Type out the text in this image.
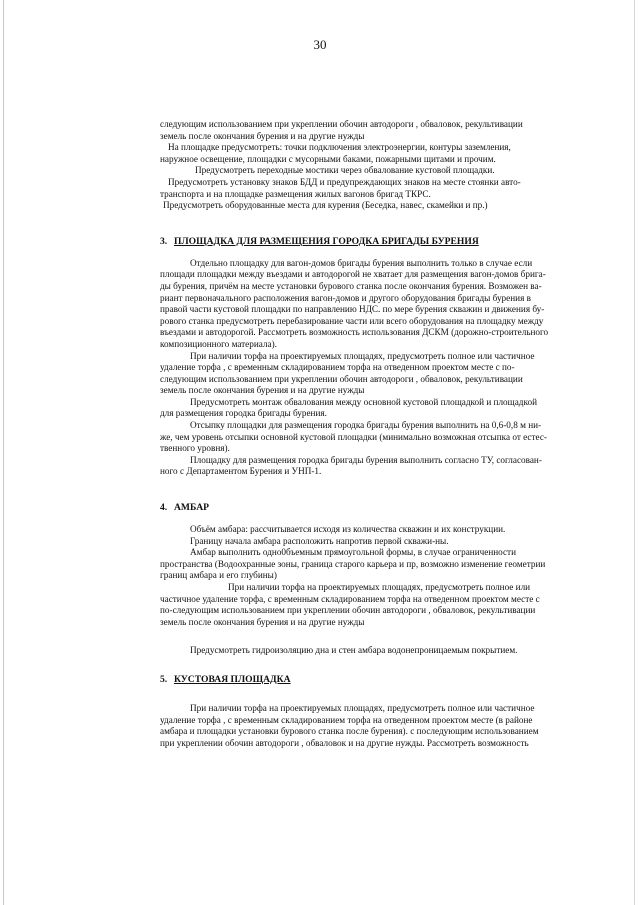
30
следующим использованием при укреплении обочин автодороги , обваловок, рекультивации
земель после окончания бурения и на другие нужды
На площадке предусмотреть: точки подключения электроэнергии, контуры заземления,
наружное освещение, площадки с мусорными баками, пожарными щитами и прочим.
Предусмотреть переходные мостики через обвалование кустовой площадки.
Предусмотреть установку знаков БДД и предупреждающих знаков на месте стоянки авто-
транспорта и на площадке размещения жилых вагонов бригад ТКРС.
Предусмотреть оборудованные места для курения (Беседка, навес, скамейки и пр.)
3. ПЛОЩАДКА ДЛЯ РАЗМЕЩЕНИЯ ГОРОДКА БРИГАДЫ БУРЕНИЯ
Отдельно площадку для вагон-домов бригады бурения выполнить только в случае если
площади площадки между въездами и автодорогой не хватает для размещения вагон-домов брига-
ды бурения, причём на месте установки бурового станка после окончания бурения. Возможен ва-
риант первоначального расположения вагон-домов и другого оборудования бригады бурения в
правой части кустовой площадки по направлению НДС. по мере бурения скважин и движения бу-
рового станка предусмотреть перебазирование части или всего оборудования на площадку между
въездами и автодорогой. Рассмотреть возможность использования ДСКМ (дорожно-строительного
композиционного материала).
При наличии торфа на проектируемых площадях, предусмотреть полное или частичное
удаление торфа , с временным складированием торфа на отведенном проектом месте с по-
следующим использованием при укреплении обочин автодороги , обваловок, рекультивации
земель после окончания бурения и на другие нужды
Предусмотреть монтаж обвалования между основной кустовой площадкой и площадкой
для размещения городка бригады бурения.
Отсыпку площадки для размещения городка бригады бурения выполнить на 0,6-0,8 м ни-
же, чем уровень отсыпки основной кустовой площадки (минимально возможная отсыпка от естес-
твенного уровня).
Площадку для размещения городка бригады бурения выполнить согласно ТУ, согласован-
ного с Департаментом Бурения и УНП-1.
4. АМБАР
Объём амбара: рассчитывается исходя из количества скважин и их конструкции.
Границу начала амбара расположить напротив первой скважи-ны.
Амбар выполнить одно0бъемным прямоугольной формы, в случае ограниченности
пространства (Водоохранные зоны, граница старого карьера и пр, возможно изменение геометрии
границ амбара и его глубины)
При наличии торфа на проектируемых площадях, предусмотреть полное или
частичное удаление торфа, с временным складированием торфа на отведенном проектом месте с
по-следующим использованием при укреплении обочин автодороги , обваловок, рекультивации
земель после окончания бурения и на другие нужды
Предусмотреть гидроизоляцию дна и стен амбара водонепроницаемым покрытием.
5. КУСТОВАЯ ПЛОЩАДКА
При наличии торфа на проектируемых площадях, предусмотреть полное или частичное
удаление торфа , с временным складированием торфа на отведенном проектом месте (в районе
амбара и площадки установки бурового станка после бурения). с последующим использованием
при укреплении обочин автодороги , обваловок и на другие нужды. Рассмотреть возможность
